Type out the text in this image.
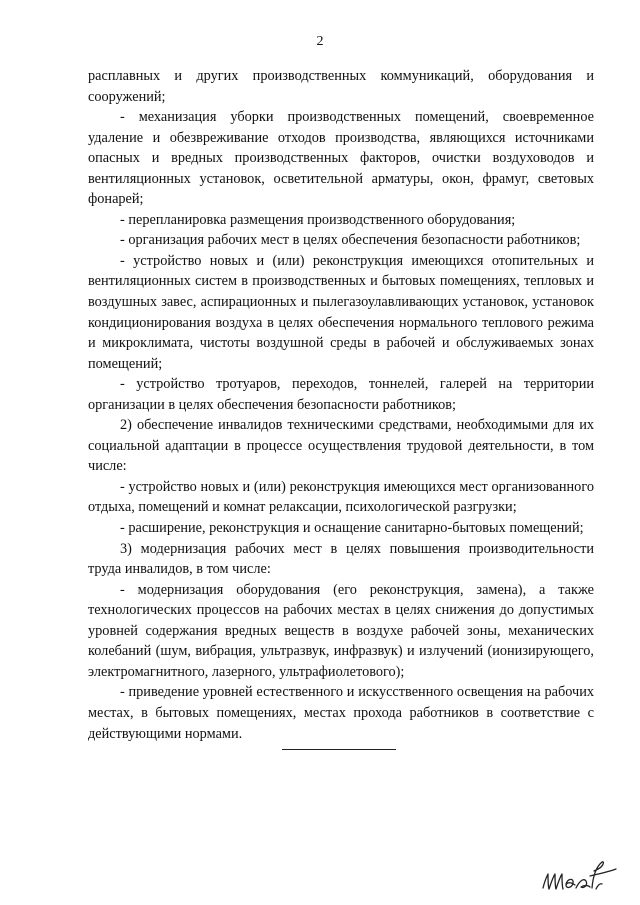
2

расплавных и других производственных коммуникаций, оборудования и сооружений;

- механизация уборки производственных помещений, своевременное удаление и обезвреживание отходов производства, являющихся источниками опасных и вредных производственных факторов, очистки воздуховодов и вентиляционных установок, осветительной арматуры, окон, фрамуг, световых фонарей;

- перепланировка размещения производственного оборудования;

- организация рабочих мест в целях обеспечения безопасности работников;

- устройство новых и (или) реконструкция имеющихся отопительных и вентиляционных систем в производственных и бытовых помещениях, тепловых и воздушных завес, аспирационных и пылегазоулавливающих установок, установок кондиционирования воздуха в целях обеспечения нормального теплового режима и микроклимата, чистоты воздушной среды в рабочей и обслуживаемых зонах помещений;

- устройство тротуаров, переходов, тоннелей, галерей на территории организации в целях обеспечения безопасности работников;

2) обеспечение инвалидов техническими средствами, необходимыми для их социальной адаптации в процессе осуществления трудовой деятельности, в том числе:

- устройство новых и (или) реконструкция имеющихся мест организованного отдыха, помещений и комнат релаксации, психологической разгрузки;

- расширение, реконструкция и оснащение санитарно-бытовых помещений;

3) модернизация рабочих мест в целях повышения производительности труда инвалидов, в том числе:

- модернизация оборудования (его реконструкция, замена), а также технологических процессов на рабочих местах в целях снижения до допустимых уровней содержания вредных веществ в воздухе рабочей зоны, механических колебаний (шум, вибрация, ультразвук, инфразвук) и излучений (ионизирующего, электромагнитного, лазерного, ультрафиолетового);

- приведение уровней естественного и искусственного освещения на рабочих местах, в бытовых помещениях, местах прохода работников в соответствие с действующими нормами.
